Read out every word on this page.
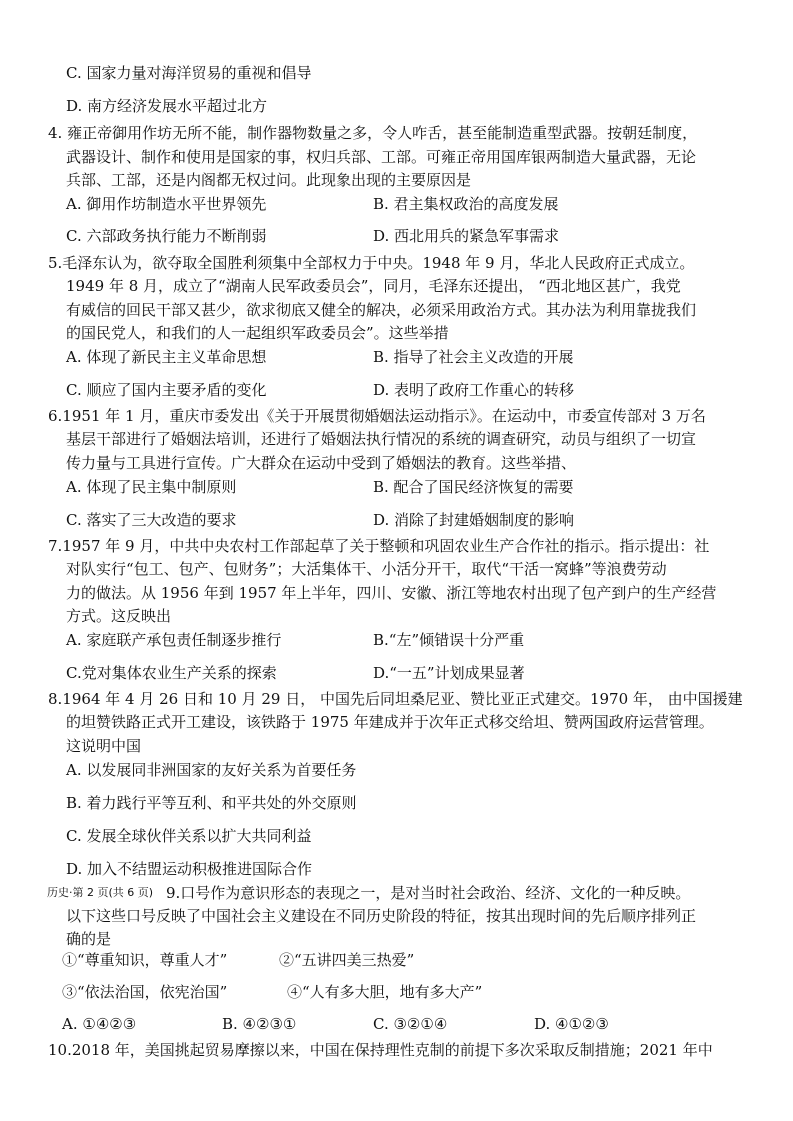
C. 国家力量对海洋贸易的重视和倡导
D. 南方经济发展水平超过北方
4. 雍正帝御用作坊无所不能，制作器物数量之多，令人咋舌，甚至能制造重型武器。按朝廷制度，
武器设计、制作和使用是国家的事，权归兵部、工部。可雍正帝用国库银两制造大量武器，无论
兵部、工部，还是内阁都无权过问。此现象出现的主要原因是
A. 御用作坊制造水平世界领先	B. 君主集权政治的高度发展
C. 六部政务执行能力不断削弱	D. 西北用兵的紧急军事需求
5.毛泽东认为，欲夺取全国胜利须集中全部权力于中央。1948 年 9 月，华北人民政府正式成立。
1949 年 8 月，成立了“湖南人民军政委员会”，同月，毛泽东还提出， “西北地区甚广，我党
有威信的回民干部又甚少，欲求彻底又健全的解决，必须采用政治方式。其办法为利用靠拢我们
的国民党人，和我们的人一起组织军政委员会”。这些举措
A. 体现了新民主主义革命思想	B. 指导了社会主义改造的开展
C. 顺应了国内主要矛盾的变化	D. 表明了政府工作重心的转移
6.1951 年 1 月，重庆市委发出《关于开展贯彻婚姻法运动指示》。在运动中，市委宣传部对 3 万名
基层干部进行了婚姻法培训，还进行了婚姻法执行情况的系统的调查研究，动员与组织了一切宣
传力量与工具进行宣传。广大群众在运动中受到了婚姻法的教育。这些举措、
A. 体现了民主集中制原则	B. 配合了国民经济恢复的需要
C. 落实了三大改造的要求	D. 消除了封建婚姻制度的影响
7.1957 年 9 月，中共中央农村工作部起草了关于整顿和巩固农业生产合作社的指示。指示提出：社
对队实行“包工、包产、包财务”；大活集体干、小活分开干，取代“干活一窝蜂”等浪费劳动
力的做法。从 1956 年到 1957 年上半年，四川、安徽、浙江等地农村出现了包产到户的生产经营
方式。这反映出
A. 家庭联产承包责任制逐步推行	B.“左”倾错误十分严重
C.党对集体农业生产关系的探索	D.“一五”计划成果显著
8.1964 年 4 月 26 日和 10 月 29 日， 中国先后同坦桑尼亚、赞比亚正式建交。1970 年， 由中国援建
的坦赞铁路正式开工建设，该铁路于 1975 年建成并于次年正式移交给坦、赞两国政府运营管理。
这说明中国
A. 以发展同非洲国家的友好关系为首要任务
B. 着力践行平等互利、和平共处的外交原则
C. 发展全球伙伴关系以扩大共同利益
D. 加入不结盟运动积极推进国际合作
历史·第 2 页(共 6 页) 9.口号作为意识形态的表现之一，是对当时社会政治、经济、文化的一种反映。
以下这些口号反映了中国社会主义建设在不同历史阶段的特征，按其出现时间的先后顺序排列正
确的是
①“尊重知识，尊重人才”	②“五讲四美三热爱”
③“依法治国，依宪治国”	④“人有多大胆，地有多大产”
A. ①④②③	B. ④②③①	C. ③②①④	D. ④①②③
10.2018 年，美国挑起贸易摩擦以来，中国在保持理性克制的前提下多次采取反制措施；2021 年中
